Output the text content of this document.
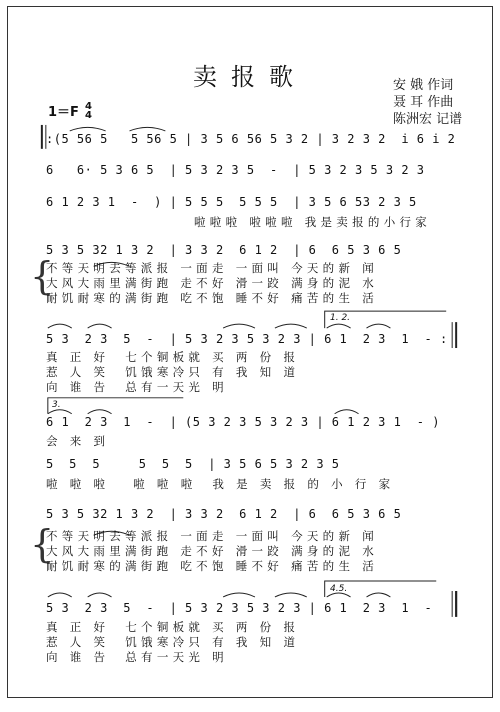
卖报歌	安 娥 作词
聂 耳 作曲
陈洲宏 记谱
1＝F 4
4
:(5 56 5   5 56 5 | 3 5 6 56 5 3 2 | 3 2 3 2  i 6 i 2
6   6· 5 3 6 5  | 5 3 2 3 5  -  | 5 3 2 3 5 3 2 3
6 1 2 3 1  -  ) | 5 5 5  5 5 5  | 3 5 6 53 2 3 5
啦啦啦 啦啦啦 我是卖报的小行家
5 3 5 32 1 3 2  | 3 3 2  6 1 2  | 6  6 5 3 6 5
{
不等天明去等派报 一面走 一面叫 今天的新 闻
大风大雨里满街跑 走不好 滑一跤 满身的泥 水
耐饥耐寒的满街跑 吃不饱 睡不好 痛苦的生 活
1. 2.
5 3  2 3  5  -  | 5 3 2 3 5 3 2 3 | 6 1  2 3  1  - :
真 正 好  七个铜板就 买 两 份 报
惹 人 笑  饥饿寒冷只 有 我 知 道
向 谁 告  总有一天光 明
3.
6 1  2 3  1  -  | (5 3 2 3 5 3 2 3 | 6 1 2 3 1  - )
会 来 到
5  5  5     5  5  5  | 3 5 6 5 3 2 3 5
啦 啦 啦   啦 啦 啦  我 是 卖 报 的 小 行 家
5 3 5 32 1 3 2  | 3 3 2  6 1 2  | 6  6 5 3 6 5
{
不等天明去等派报 一面走 一面叫 今天的新 闻
大风大雨里满街跑 走不好 滑一跤 满身的泥 水
耐饥耐寒的满街跑 吃不饱 睡不好 痛苦的生 活
4.5.
5 3  2 3  5  -  | 5 3 2 3 5 3 2 3 | 6 1  2 3  1  -
真 正 好  七个铜板就 买 两 份 报
惹 人 笑  饥饿寒冷只 有 我 知 道
向 谁 告  总有一天光 明
